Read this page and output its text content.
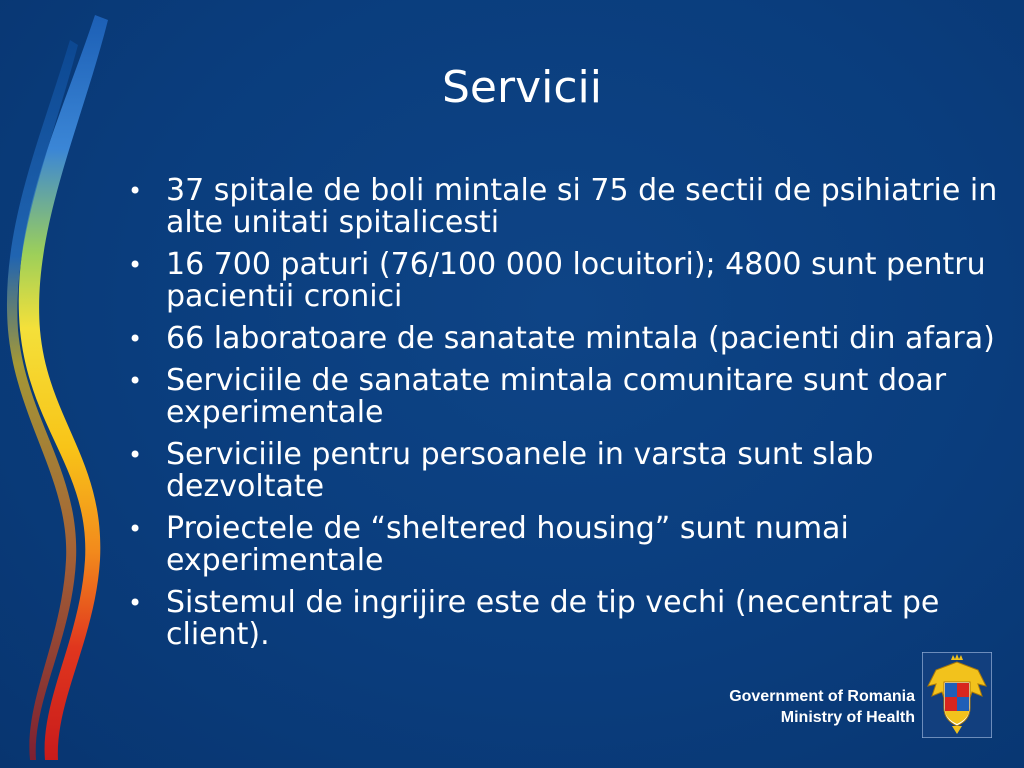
Servicii
• 37 spitale de boli mintale si 75 de sectii de psihiatrie in alte unitati spitalicesti
• 16 700 paturi (76/100 000 locuitori); 4800 sunt pentru pacientii cronici
• 66 laboratoare de sanatate mintala (pacienti din afara)
• Serviciile de sanatate mintala comunitare sunt doar experimentale
• Serviciile pentru persoanele in varsta sunt slab dezvoltate
• Proiectele de “sheltered housing” sunt numai experimentale
• Sistemul de ingrijire este de tip vechi (necentrat pe client).
Government of Romania
Ministry of Health
